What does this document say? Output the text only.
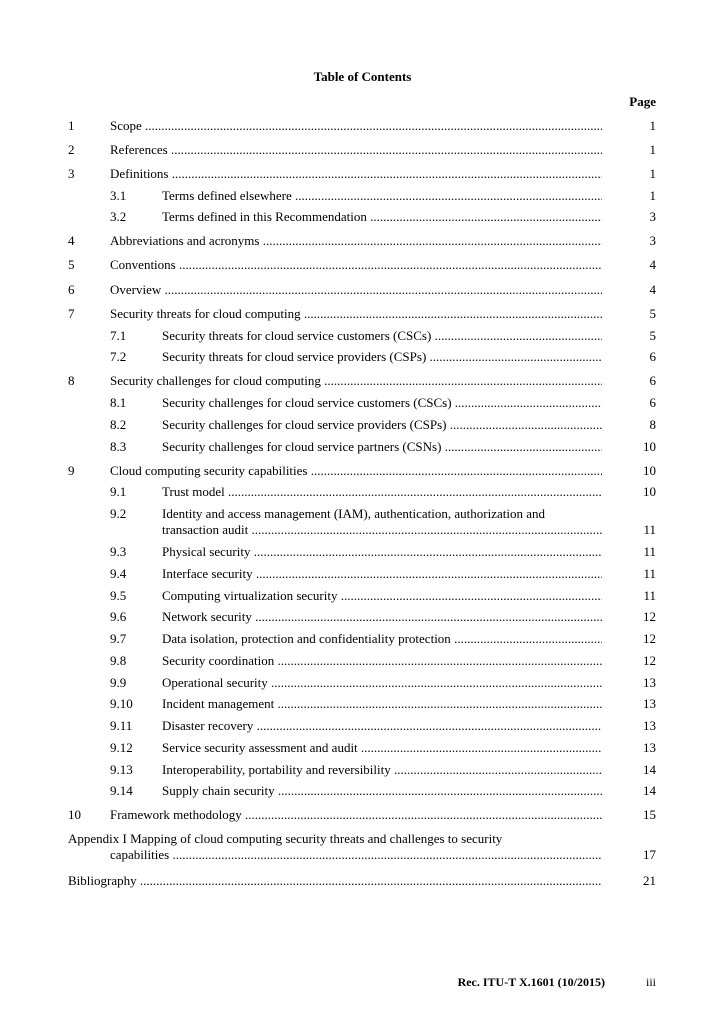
Table of Contents
Page
1	Scope .....	1
2	References .....	1
3	Definitions .....	1
3.1	Terms defined elsewhere .....	1
3.2	Terms defined in this Recommendation .....	3
4	Abbreviations and acronyms .....	3
5	Conventions .....	4
6	Overview .....	4
7	Security threats for cloud computing .....	5
7.1	Security threats for cloud service customers (CSCs) .....	5
7.2	Security threats for cloud service providers (CSPs) .....	6
8	Security challenges for cloud computing .....	6
8.1	Security challenges for cloud service customers (CSCs) .....	6
8.2	Security challenges for cloud service providers (CSPs) .....	8
8.3	Security challenges for cloud service partners (CSNs) .....	10
9	Cloud computing security capabilities .....	10
9.1	Trust model .....	10
9.2	Identity and access management (IAM), authentication, authorization and
transaction audit .....	11
9.3	Physical security .....	11
9.4	Interface security .....	11
9.5	Computing virtualization security .....	11
9.6	Network security .....	12
9.7	Data isolation, protection and confidentiality protection .....	12
9.8	Security coordination .....	12
9.9	Operational security .....	13
9.10 Incident management .....	13
9.11 Disaster recovery .....	13
9.12 Service security assessment and audit .....	13
9.13 Interoperability, portability and reversibility .....	14
9.14 Supply chain security .....	14
10 Framework methodology .....	15
Appendix I Mapping of cloud computing security threats and challenges to security
capabilities .....	17
Bibliography .....	21
Rec. ITU-T X.1601 (10/2015)	iii
